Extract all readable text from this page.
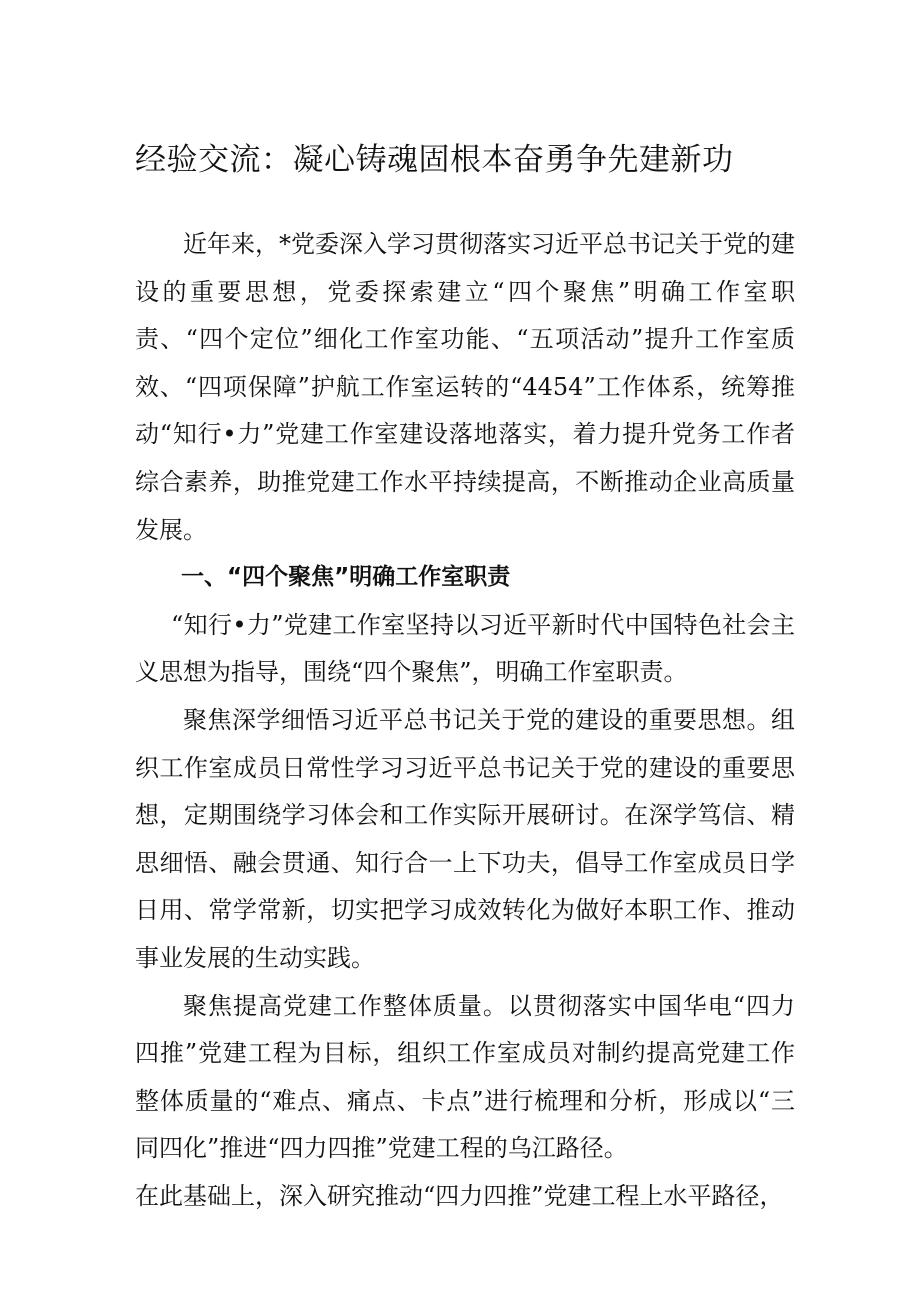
经验交流：凝心铸魂固根本奋勇争先建新功

近年来，*党委深入学习贯彻落实习近平总书记关于党的建设的重要思想，党委探索建立“四个聚焦”明确工作室职责、“四个定位”细化工作室功能、“五项活动”提升工作室质效、“四项保障”护航工作室运转的“4454”工作体系，统筹推动“知行•力”党建工作室建设落地落实，着力提升党务工作者综合素养，助推党建工作水平持续提高，不断推动企业高质量发展。

一、“四个聚焦”明确工作室职责

“知行•力”党建工作室坚持以习近平新时代中国特色社会主义思想为指导，围绕“四个聚焦”，明确工作室职责。

聚焦深学细悟习近平总书记关于党的建设的重要思想。组织工作室成员日常性学习习近平总书记关于党的建设的重要思想，定期围绕学习体会和工作实际开展研讨。在深学笃信、精思细悟、融会贯通、知行合一上下功夫，倡导工作室成员日学日用、常学常新，切实把学习成效转化为做好本职工作、推动事业发展的生动实践。

聚焦提高党建工作整体质量。以贯彻落实中国华电“四力四推”党建工程为目标，组织工作室成员对制约提高党建工作整体质量的“难点、痛点、卡点”进行梳理和分析，形成以“三同四化”推进“四力四推”党建工程的乌江路径。

在此基础上，深入研究推动“四力四推”党建工程上水平路径，
